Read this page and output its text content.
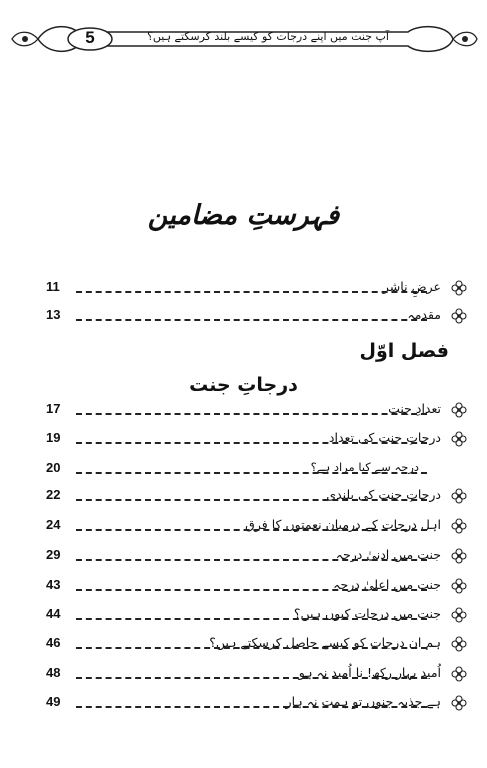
5	آپ جنت میں اپنے درجات کو کیسے بلند کرسکتے ہیں؟
فہرستِ مضامین
عرضِ ناشر
11
مقدمہ
13
فصل اوّل
درجاتِ جنت
تعدادِ جنت
17
درجاتِ جنت کی تعداد
19
درجہ سے کیا مراد ہے؟
20
درجاتِ جنت کی بلندی
22
اہل درجات کے درمیان نعمتوں کا فرق
24
جنت میں ادنیٰ درجہ
29
جنت میں اعلیٰ درجہ
43
جنت میں درجات کیوں ہیں؟
44
ہم ان درجات کو کیسے حاصل کرسکتے ہیں؟
46
اُمید بہار رکھ! نا اُمید نہ ہو
48
ہے جذبہ جنوں تو ہمت نہ ہار
49
